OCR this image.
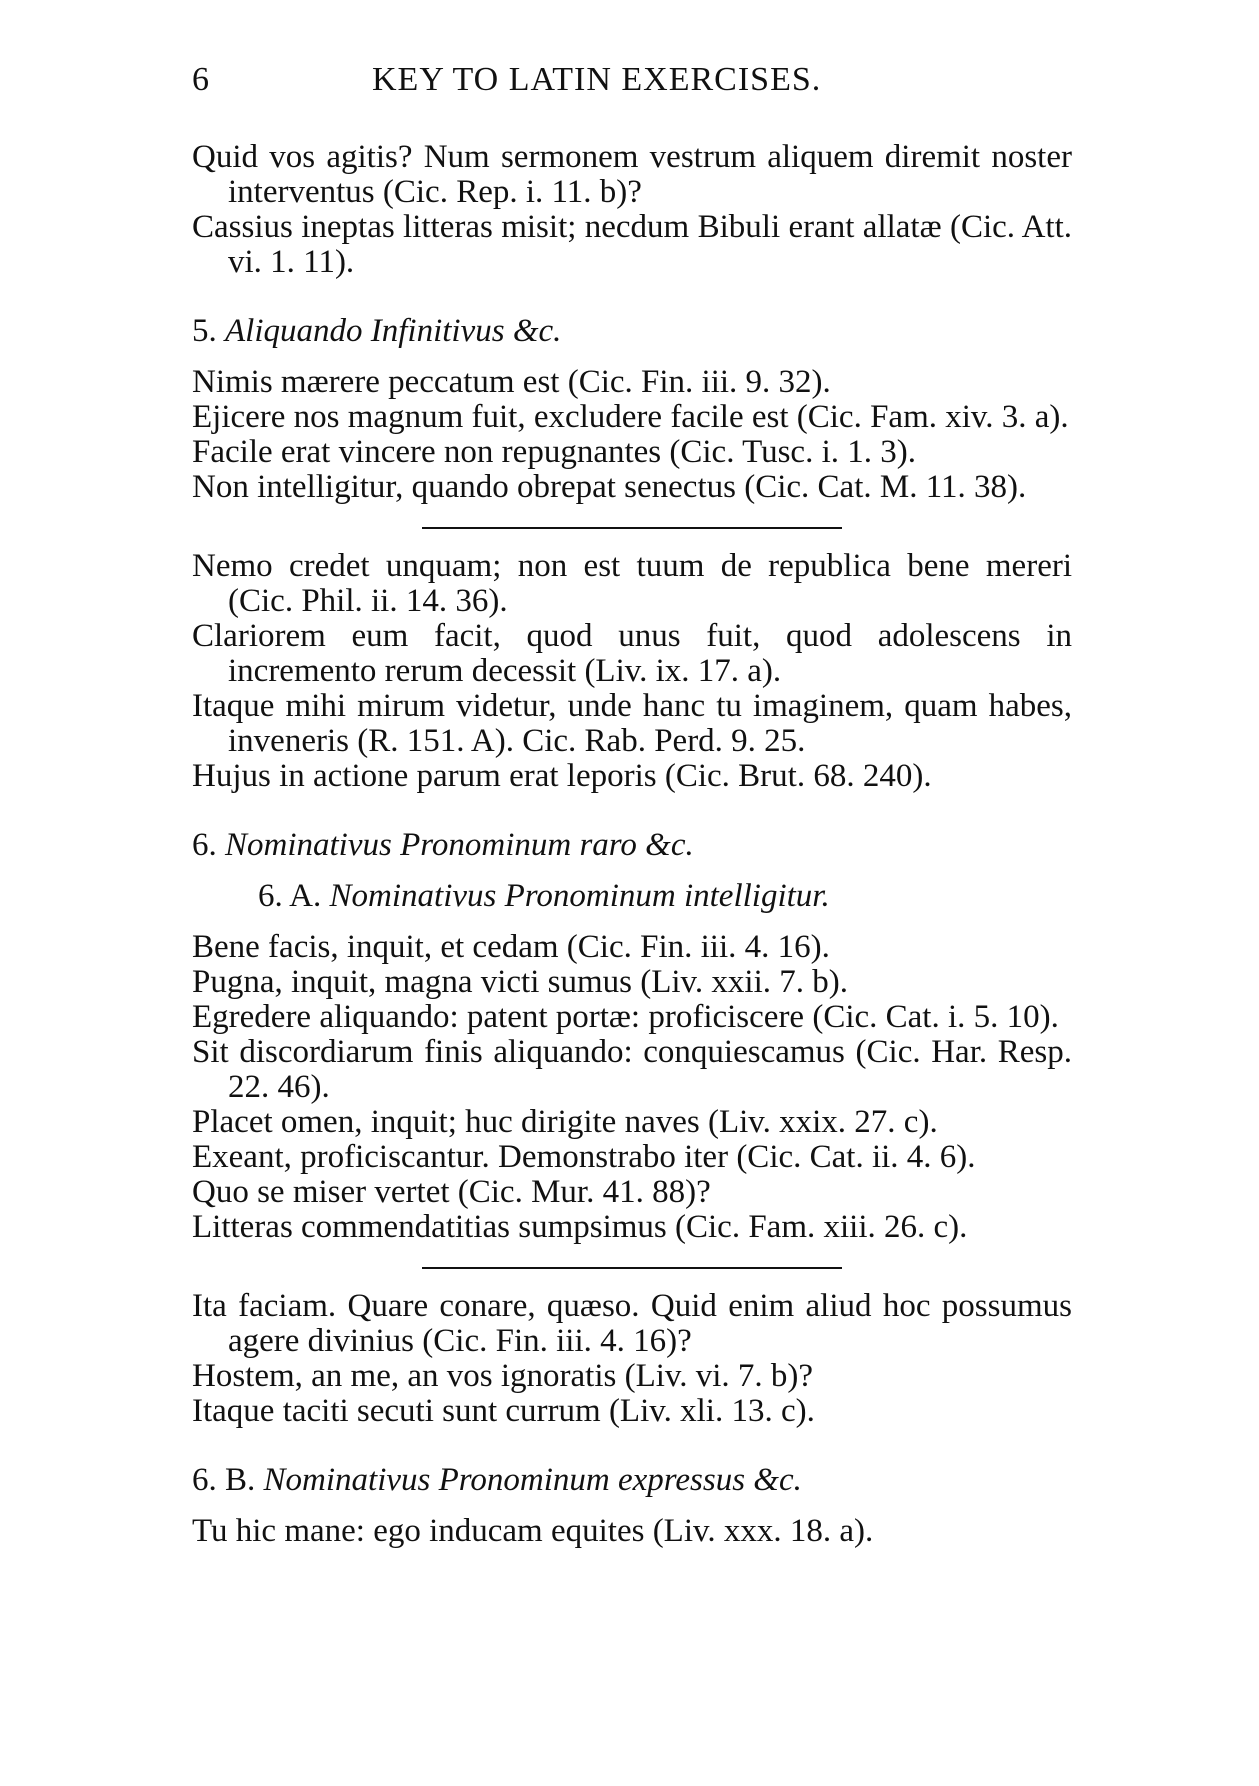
6	KEY TO LATIN EXERCISES.

Quid vos agitis? Num sermonem vestrum aliquem diremit noster interventus (Cic. Rep. i. 11. b)?

Cassius ineptas litteras misit; necdum Bibuli erant allatæ (Cic. Att. vi. 1. 11).

5. Aliquando Infinitivus &c.

Nimis mærere peccatum est (Cic. Fin. iii. 9. 32).

Ejicere nos magnum fuit, excludere facile est (Cic. Fam. xiv. 3. a).

Facile erat vincere non repugnantes (Cic. Tusc. i. 1. 3).

Non intelligitur, quando obrepat senectus (Cic. Cat. M. 11. 38).

Nemo credet unquam; non est tuum de republica bene mereri (Cic. Phil. ii. 14. 36).

Clariorem eum facit, quod unus fuit, quod adolescens in incremento rerum decessit (Liv. ix. 17. a).

Itaque mihi mirum videtur, unde hanc tu imaginem, quam habes, inveneris (R. 151. A). Cic. Rab. Perd. 9. 25.

Hujus in actione parum erat leporis (Cic. Brut. 68. 240).

6. Nominativus Pronominum raro &c.
6. A. Nominativus Pronominum intelligitur.

Bene facis, inquit, et cedam (Cic. Fin. iii. 4. 16).

Pugna, inquit, magna victi sumus (Liv. xxii. 7. b).

Egredere aliquando: patent portæ: proficiscere (Cic. Cat. i. 5. 10).

Sit discordiarum finis aliquando: conquiescamus (Cic. Har. Resp. 22. 46).

Placet omen, inquit; huc dirigite naves (Liv. xxix. 27. c).

Exeant, proficiscantur. Demonstrabo iter (Cic. Cat. ii. 4. 6).

Quo se miser vertet (Cic. Mur. 41. 88)?

Litteras commendatitias sumpsimus (Cic. Fam. xiii. 26. c).

Ita faciam. Quare conare, quæso. Quid enim aliud hoc possumus agere divinius (Cic. Fin. iii. 4. 16)?

Hostem, an me, an vos ignoratis (Liv. vi. 7. b)?

Itaque taciti secuti sunt currum (Liv. xli. 13. c).

6. B. Nominativus Pronominum expressus &c.

Tu hic mane: ego inducam equites (Liv. xxx. 18. a).
